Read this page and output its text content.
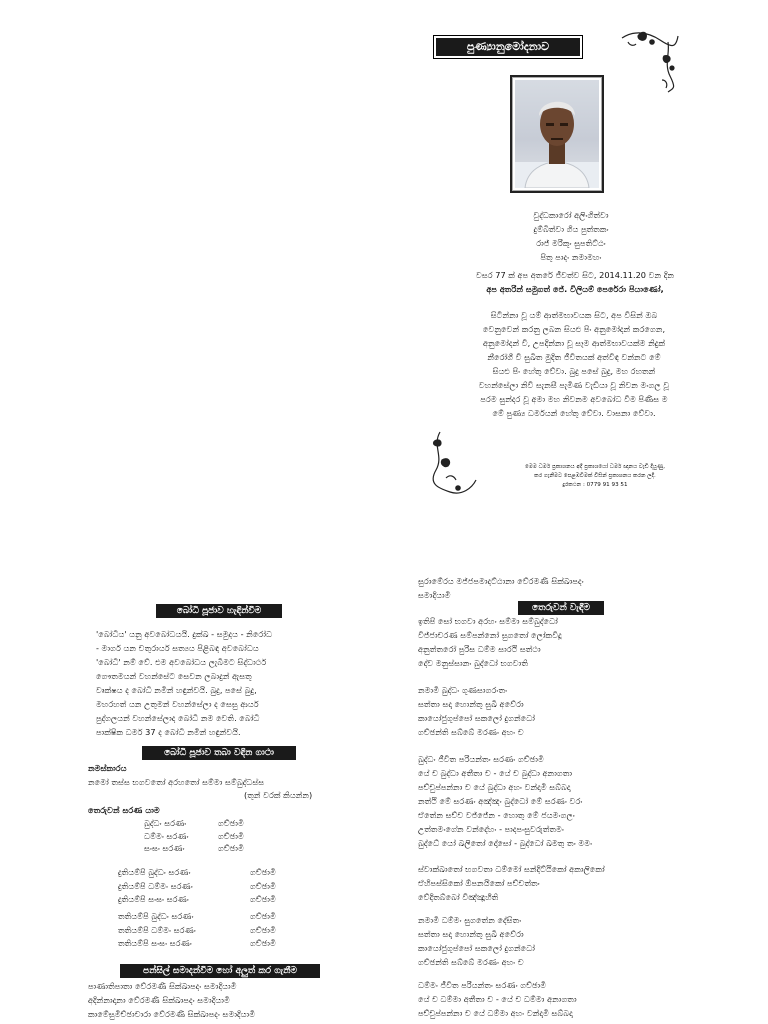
පුණ්‍යානුමෝදනාව
වුද්ධකාරෝ අලිංගිත්වා
දුම්බිත්වා ගිය පුත්තකං
රාජ් මරිකුං සුපතිට්ඨං
පිතු පාදං නමාමහං
වසර 77 ක් අප අතරේ ජීවත්ව සිට, 2014.11.20 වන දින
අප අතරින් සමුගත් ජේ. විලියම් පෙරේරා පියාණෝ,
සිටින්නා වූ යම් ආත්මභාවයක සිට, අප විසින් ඔබ
වෙනුවෙන් කරනු ලබන සියළු පිං අනුමෝදන් කරගෙන,
අනුමෝදන් වී, උපදින්නා වූ සෑම ආත්මභාවයක්ම නිදුක්
නීරෝගී වී සුඛිත මුදිත ජීවිතයක් අත්විඳ වන්නට මේ
සියළු පිං හේතු වේවා. බුදු පසේ බුදු, මහ රහතන්
වහන්සේලා නිවී සැනසී පැමිණ වැඩියා වූ නිවන මංගල වූ
පරම සුන්දර වූ අමා මහ නිවනම අවබෝධ වීම පිණිස ම
මේ පුණ්‍ය ධර්මයන් හේතු වේවා. වාසනා වේවා.
මෙම ධර්ම ප්‍රකාශනය අදි ප්‍රකාශයෝ ධර්ම ඥානය වැඩි දියුණු,
කර ගැනීමට පෙළඹවීමක් විසින් ප්‍රකාශනය කරන ලදී.
දුරකථන : 0779 91 93 51
බෝධි පූජාව හැඳින්වීම
'බෝධිය' යනු අවබෝධයයි. දුක්ඛ - සමුදය - නිරෝධ
- මාර්ග යන චතුරාර්ය සත්‍යය පිළිබඳ අවබෝධය
'බෝධි' නම් වේ. එම අවබෝධය ලැබීමට සිද්ධාර්ථ
ගෞතමයන් වහන්සේට සෙවන ලබාදුන් ඇසතු
වෘක්ෂය ද බෝධි නමින් හඳුන්වයි. බුදු, පසේ බුදු,
මහරහත් යන උතුමන් වහන්සේලා ද සෙසු ආර්ය
පුද්ගලයන් වහන්සේලාද බෝධි නම වෙති. බෝධි
පාක්ෂික ධර්ම 37 ද බෝධි නමින් හඳුන්වයි.
බෝධි පූජාව තබා වඳින ගාථා
නමස්කාරය
නමෝ තස්ස භගවතෝ අරහතෝ සම්මා සම්බුද්ධස්ස
(තුන් වරක් කියන්න)
තෙරුවන් සරණ යාම
බුද්ධං සරණං	ගච්ඡාමි
ධම්මං සරණං	ගච්ඡාමි
සංඝං සරණං	ගච්ඡාමි
දුතියම්පි බුද්ධං සරණං	ගච්ඡාමි
දුතියම්පි ධම්මං සරණං	ගච්ඡාමි
දුතියම්පි සංඝං සරණං	ගච්ඡාමි
තතියම්පි බුද්ධං සරණං	ගච්ඡාමි
තතියම්පි ධම්මං සරණං	ගච්ඡාමි
තතියම්පි සංඝං සරණං	ගච්ඡාමි
පන්සිල් සමාදන්වීම හෝ අලුත් කර ගැනීම
පාණාතිපාතා වේරමණී සික්ඛාපදං සමාදියාමි
අදින්නාදානා වේරමණී සික්ඛාපදං සමාදියාමි
කාමේසුමිච්ඡාචාරා වේරමණී සික්ඛාපදං සමාදියාමි
සුරාමේරය මජ්ජපමාදට්ඨානා වේරමණී සික්ඛාපදං
සමාදියාමි
තෙරුවන් වැඳීම
ඉතිපි සෝ භගවා අරහං සම්මා සම්බුද්ධෝ
විජ්ජාචරණ සම්පන්නෝ සුගතෝ ලෝකවිදූ
අනුත්තරෝ පුරිස ධම්ම සාරථි සත්ථා
දේව මනුස්සානං බුද්ධෝ භගවාති
නමාමි බුද්ධං ගුණසාගරංතං
සත්තා සදා හොන්තු සුඛී අවේරා
කායෝජුගුප්පෝ සකලෝ දුගන්ධෝ
ගච්ඡන්ති සබ්බේ මරණං අහං ච
බුද්ධං ජීවිත පරියන්තං සරණං ගච්ඡාමි
යේ ච බුද්ධා අතීතා ච - යේ ච බුද්ධා අනාගතා
පච්චුප්පන්නා ච යේ බුද්ධා අහං වන්දාමි සබ්බදා
නත්ථි මේ සරණං අඤ්ඤං බුද්ධෝ මේ සරණං වරං
ඒතේන සච්ච වජ්ජේන - හොතු මේ ජයමංගලං
උත්තමංගේන වන්දේහං - පාදපංසුවරුත්තමං
බුද්ධේ යෝ ඛලිතෝ දෝසෝ - බුද්ධෝ ඛමතු තං මමං
ස්වාක්ඛාතෝ භගවතා ධම්මෝ සන්දිට්ඨිකෝ අකාලිකෝ
ඒහිපස්සිකෝ ඕපනයිකෝ පච්චත්තං
වේදිතබ්බෝ විඤ්ඤූහීති
නමාමි ධම්මං සුගතේන දේසිතං
සත්තා සදා හොන්තු සුඛී අවේරා
කායෝජුගුප්පෝ සකලෝ දුගන්ධෝ
ගච්ඡන්ති සබ්බේ මරණං අහං ච
ධම්මං ජීවිත පරියන්තං සරණං ගච්ඡාමි
යේ ච ධම්මා අතීතා ච - යේ ච ධම්මා අනාගතා
පච්චුප්පන්නා ච යේ ධම්මා අහං වන්දාමි සබ්බදා
